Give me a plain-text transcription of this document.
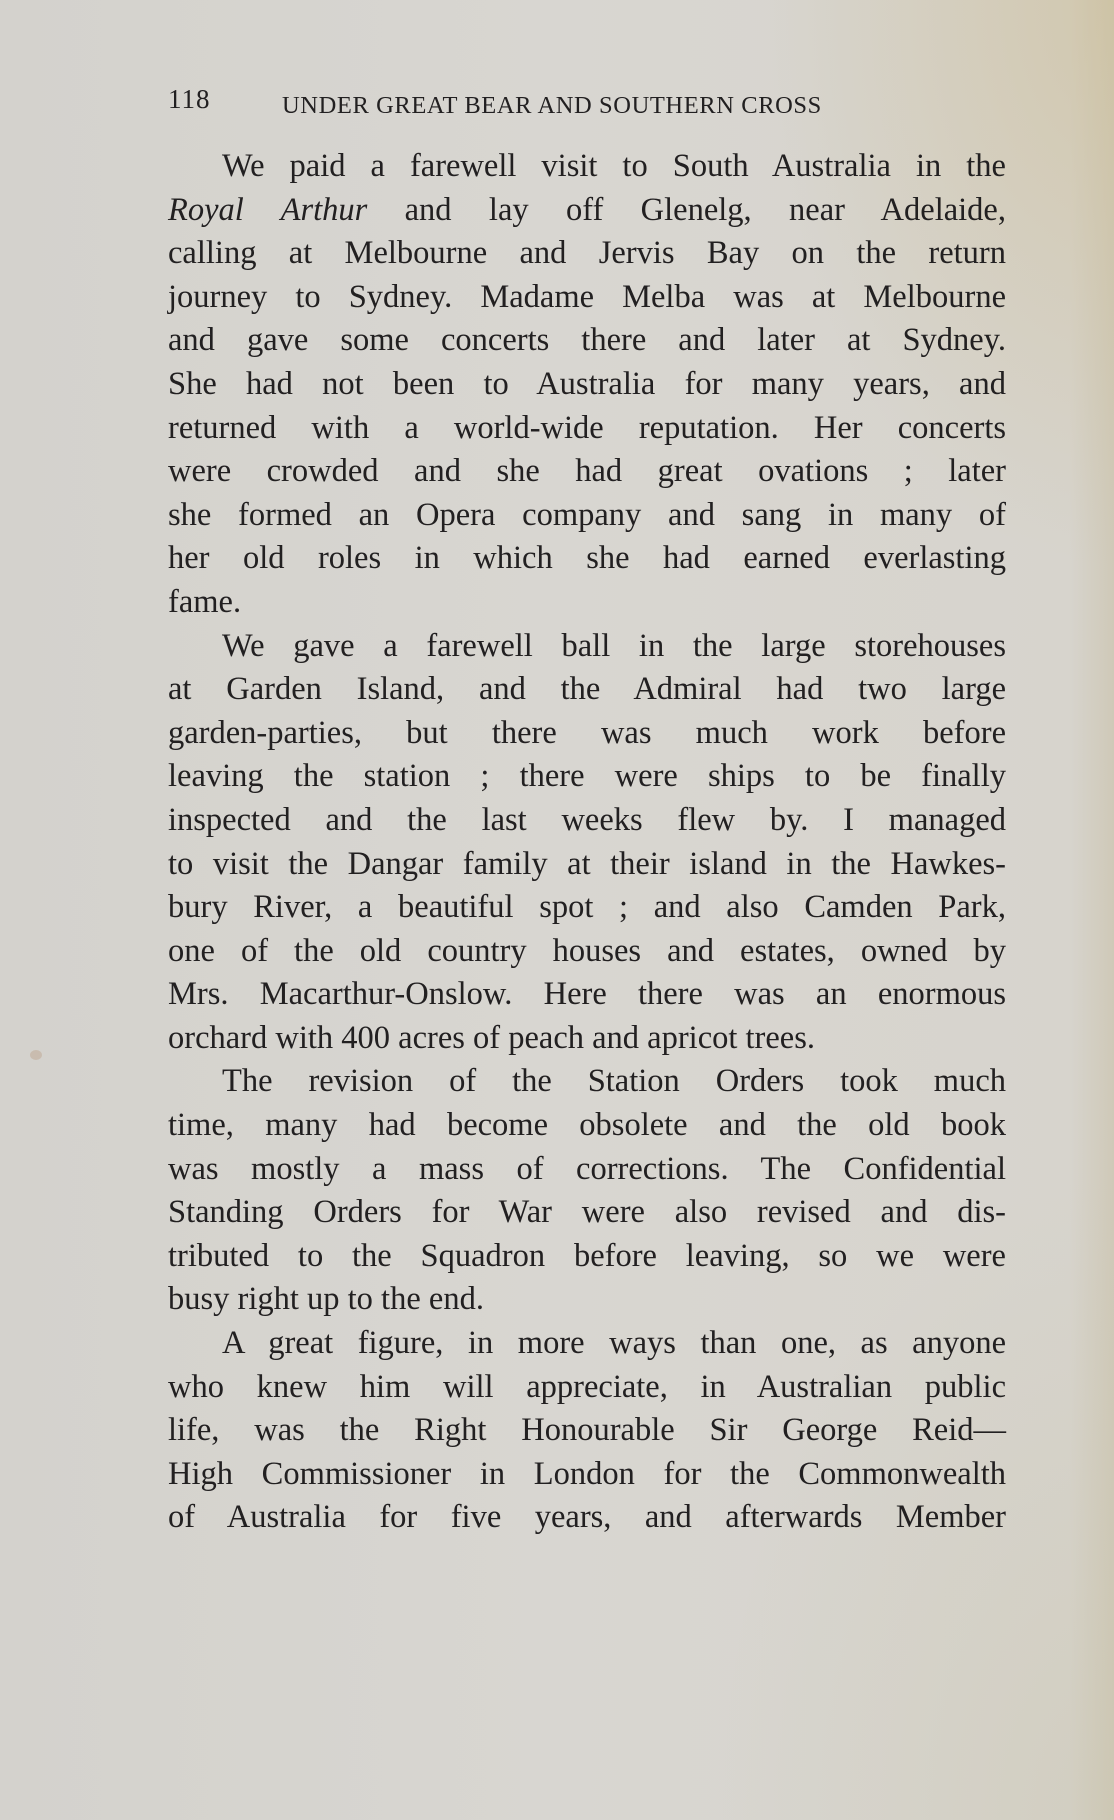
118	UNDER GREAT BEAR AND SOUTHERN CROSS
We paid a farewell visit to South Australia in the
Royal Arthur and lay off Glenelg, near Adelaide,
calling at Melbourne and Jervis Bay on the return
journey to Sydney. Madame Melba was at Melbourne
and gave some concerts there and later at Sydney.
She had not been to Australia for many years, and
returned with a world-wide reputation. Her concerts
were crowded and she had great ovations ; later
she formed an Opera company and sang in many of
her old roles in which she had earned everlasting
fame.
We gave a farewell ball in the large storehouses
at Garden Island, and the Admiral had two large
garden-parties, but there was much work before
leaving the station ; there were ships to be finally
inspected and the last weeks flew by. I managed
to visit the Dangar family at their island in the Hawkes-
bury River, a beautiful spot ; and also Camden Park,
one of the old country houses and estates, owned by
Mrs. Macarthur-Onslow. Here there was an enormous
orchard with 400 acres of peach and apricot trees.
The revision of the Station Orders took much
time, many had become obsolete and the old book
was mostly a mass of corrections. The Confidential
Standing Orders for War were also revised and dis-
tributed to the Squadron before leaving, so we were
busy right up to the end.
A great figure, in more ways than one, as anyone
who knew him will appreciate, in Australian public
life, was the Right Honourable Sir George Reid—
High Commissioner in London for the Commonwealth
of Australia for five years, and afterwards Member
